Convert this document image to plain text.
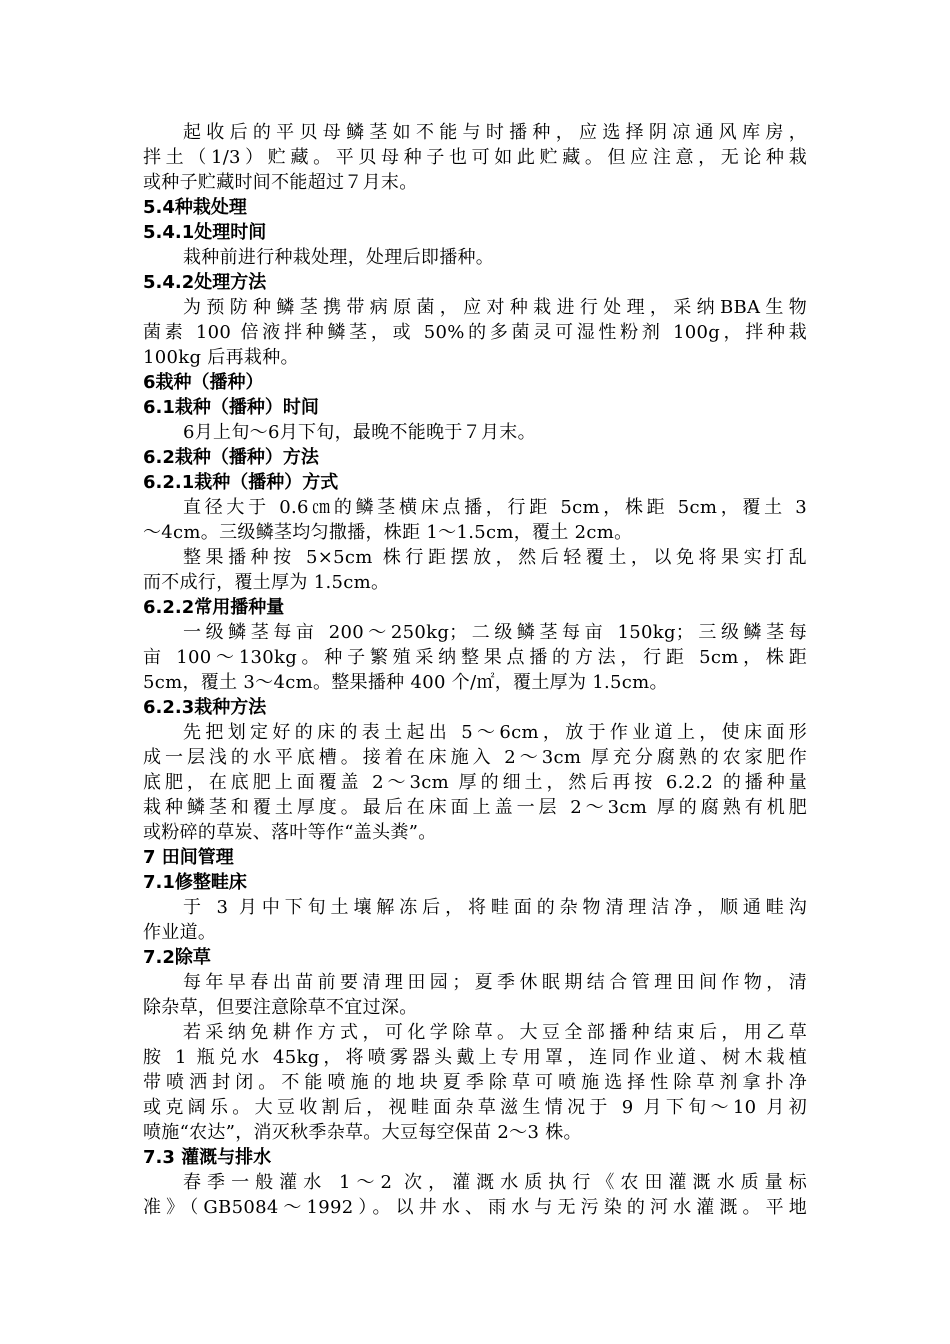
起收后的平贝母鳞茎如不能与时播种，应选择阴凉通风库房，
拌土（1/3）贮藏。平贝母种子也可如此贮藏。但应注意，无论种栽
或种子贮藏时间不能超过７月末。
5.4种栽处理
5.4.1处理时间
栽种前进行种栽处理，处理后即播种。
5.4.2处理方法
为预防种鳞茎携带病原菌，应对种栽进行处理，采纳BBA生物
菌素 100 倍液拌种鳞茎，或 50%的多菌灵可湿性粉剂 100g，拌种栽
100kg 后再栽种。
6栽种（播种）
6.1栽种（播种）时间
6月上旬～6月下旬，最晚不能晚于７月末。
6.2栽种（播种）方法
6.2.1栽种（播种）方式
直径大于 0.6㎝的鳞茎横床点播，行距 5cm，株距 5cm，覆土 3
～4cm。三级鳞茎均匀撒播，株距 1～1.5cm，覆土 2cm。
整果播种按 5×5cm 株行距摆放，然后轻覆土，以免将果实打乱
而不成行，覆土厚为 1.5cm。
6.2.2常用播种量
一级鳞茎每亩 200～250kg；二级鳞茎每亩 150kg；三级鳞茎每
亩 100～130kg。种子繁殖采纳整果点播的方法，行距 5cm，株距
5cm，覆土 3～4cm。整果播种 400 个/㎡，覆土厚为 1.5cm。
6.2.3栽种方法
先把划定好的床的表土起出 5～6cm，放于作业道上，使床面形
成一层浅的水平底槽。接着在床施入 2～3cm 厚充分腐熟的农家肥作
底肥，在底肥上面覆盖 2～3cm 厚的细土，然后再按 6.2.2 的播种量
栽种鳞茎和覆土厚度。最后在床面上盖一层 2～3cm 厚的腐熟有机肥
或粉碎的草炭、落叶等作“盖头粪”。
7 田间管理
7.1修整畦床
于 3 月中下旬土壤解冻后，将畦面的杂物清理洁净，顺通畦沟
作业道。
7.2除草
每年早春出苗前要清理田园；夏季休眠期结合管理田间作物，清
除杂草，但要注意除草不宜过深。
若采纳免耕作方式，可化学除草。大豆全部播种结束后，用乙草
胺 1 瓶兑水 45kg，将喷雾器头戴上专用罩，连同作业道、树木栽植
带喷洒封闭。不能喷施的地块夏季除草可喷施选择性除草剂拿扑净
或克阔乐。大豆收割后，视畦面杂草滋生情况于 9 月下旬～10 月初
喷施“农达”，消灭秋季杂草。大豆每空保苗 2～3 株。
7.3 灌溉与排水
春季一般灌水 1～2 次，灌溉水质执行《农田灌溉水质量标
准》（GB5084～1992）。以井水、雨水与无污染的河水灌溉。平地
